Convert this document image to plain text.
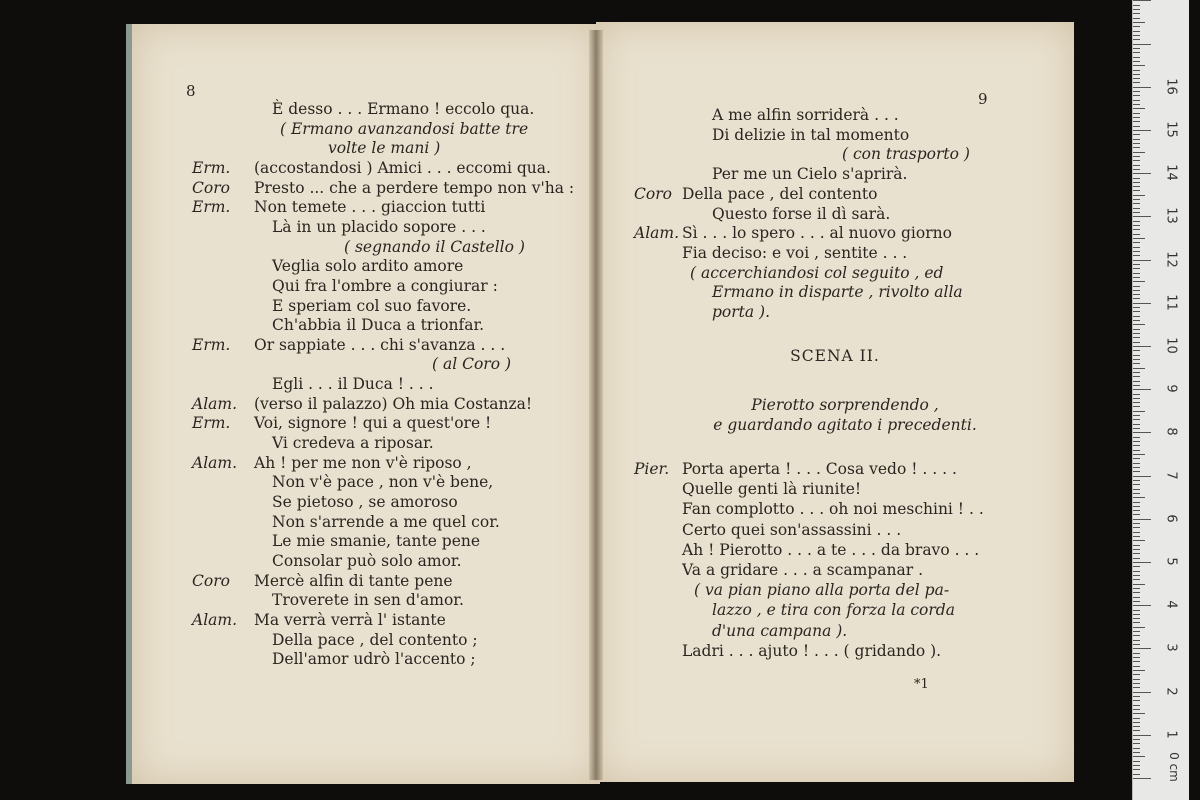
8
È desso . . . Ermano ! eccolo qua.
( Ermano avanzandosi batte tre
volte le mani )
Erm. (accostandosi ) Amici . . . eccomi qua.
Coro Presto ... che a perdere tempo non v'ha :
Erm. Non temete . . . giaccion tutti
Là in un placido sopore . . .
( segnando il Castello )
Veglia solo ardito amore
Qui fra l'ombre a congiurar :
E speriam col suo favore.
Ch'abbia il Duca a trionfar.
Erm. Or sappiate . . . chi s'avanza . . .
( al Coro )
Egli . . . il Duca ! . . .
Alam. (verso il palazzo) Oh mia Costanza!
Erm. Voi, signore ! qui a quest'ore !
Vi credeva a riposar.
Alam. Ah ! per me non v'è riposo ,
Non v'è pace , non v'è bene,
Se pietoso , se amoroso
Non s'arrende a me quel cor.
Le mie smanie, tante pene
Consolar può solo amor.
Coro Mercè alfin di tante pene
Troverete in sen d'amor.
Alam. Ma verrà verrà l' istante
Della pace , del contento ;
Dell'amor udrò l'accento ;
9
SCENA II.
Pierotto sorprendendo ,
e guardando agitato i precedenti.
*1
A me alfin sorriderà . . .
Di delizie in tal momento
( con trasporto )
Per me un Cielo s'aprirà.
Coro Della pace , del contento
Questo forse il dì sarà.
Alam. Sì . . . lo spero . . . al nuovo giorno
Fia deciso: e voi , sentite . . .
( accerchiandosi col seguito , ed
Ermano in disparte , rivolto alla
porta ).
Pier. Porta aperta ! . . . Cosa vedo ! . . . .
Quelle genti là riunite!
Fan complotto . . . oh noi meschini ! . .
Certo quei son'assassini . . .
Ah ! Pierotto . . . a te . . . da bravo . . .
Va a gridare . . . a scampanar .
( va pian piano alla porta del pa-
lazzo , e tira con forza la corda
d'una campana ).
Ladri . . . ajuto ! . . . ( gridando ).
0 cm
1
2
3
4
5
6
7
8
9
10
11
12
13
14
15
16
